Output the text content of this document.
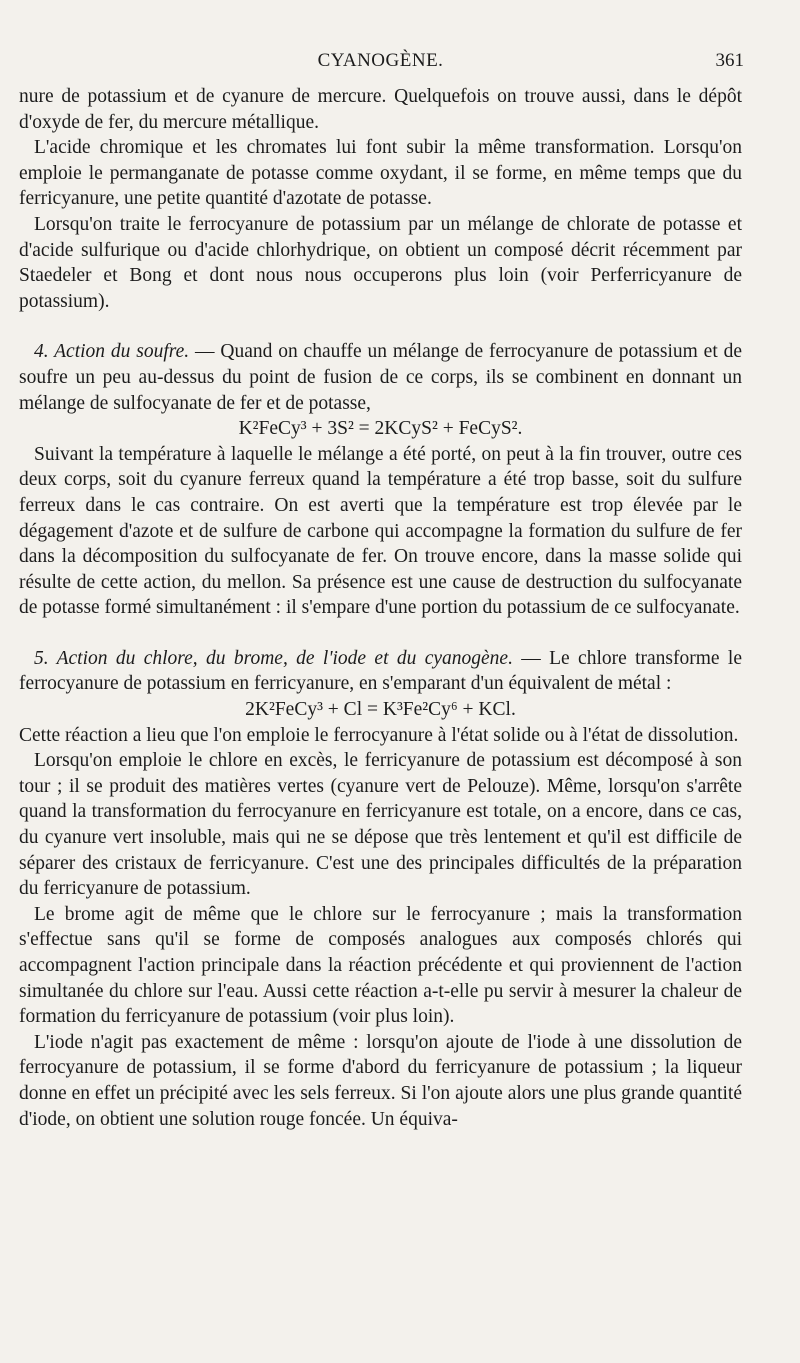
CYANOGÈNE.	361

nure de potassium et de cyanure de mercure. Quelquefois on trouve aussi, dans le dépôt d'oxyde de fer, du mercure métallique.

L'acide chromique et les chromates lui font subir la même transformation. Lorsqu'on emploie le permanganate de potasse comme oxydant, il se forme, en même temps que du ferricyanure, une petite quantité d'azotate de potasse.

Lorsqu'on traite le ferrocyanure de potassium par un mélange de chlorate de potasse et d'acide sulfurique ou d'acide chlorhydrique, on obtient un composé décrit récemment par Staedeler et Bong et dont nous nous occuperons plus loin (voir Perferricyanure de potassium).

4. Action du soufre. — Quand on chauffe un mélange de ferrocyanure de potassium et de soufre un peu au-dessus du point de fusion de ce corps, ils se combinent en donnant un mélange de sulfocyanate de fer et de potasse,

K²FeCy³ + 3S² = 2KCyS² + FeCyS².

Suivant la température à laquelle le mélange a été porté, on peut à la fin trouver, outre ces deux corps, soit du cyanure ferreux quand la température a été trop basse, soit du sulfure ferreux dans le cas contraire. On est averti que la température est trop élevée par le dégagement d'azote et de sulfure de carbone qui accompagne la formation du sulfure de fer dans la décomposition du sulfocyanate de fer. On trouve encore, dans la masse solide qui résulte de cette action, du mellon. Sa présence est une cause de destruction du sulfocyanate de potasse formé simultanément : il s'empare d'une portion du potassium de ce sulfocyanate.

5. Action du chlore, du brome, de l'iode et du cyanogène. — Le chlore transforme le ferrocyanure de potassium en ferricyanure, en s'emparant d'un équivalent de métal :

2K²FeCy³ + Cl = K³Fe²Cy⁶ + KCl.

Cette réaction a lieu que l'on emploie le ferrocyanure à l'état solide ou à l'état de dissolution.

Lorsqu'on emploie le chlore en excès, le ferricyanure de potassium est décomposé à son tour ; il se produit des matières vertes (cyanure vert de Pelouze). Même, lorsqu'on s'arrête quand la transformation du ferrocyanure en ferricyanure est totale, on a encore, dans ce cas, du cyanure vert insoluble, mais qui ne se dépose que très lentement et qu'il est difficile de séparer des cristaux de ferricyanure. C'est une des principales difficultés de la préparation du ferricyanure de potassium.

Le brome agit de même que le chlore sur le ferrocyanure ; mais la transformation s'effectue sans qu'il se forme de composés analogues aux composés chlorés qui accompagnent l'action principale dans la réaction précédente et qui proviennent de l'action simultanée du chlore sur l'eau. Aussi cette réaction a-t-elle pu servir à mesurer la chaleur de formation du ferricyanure de potassium (voir plus loin).

L'iode n'agit pas exactement de même : lorsqu'on ajoute de l'iode à une dissolution de ferrocyanure de potassium, il se forme d'abord du ferricyanure de potassium ; la liqueur donne en effet un précipité avec les sels ferreux. Si l'on ajoute alors une plus grande quantité d'iode, on obtient une solution rouge foncée. Un équiva-
